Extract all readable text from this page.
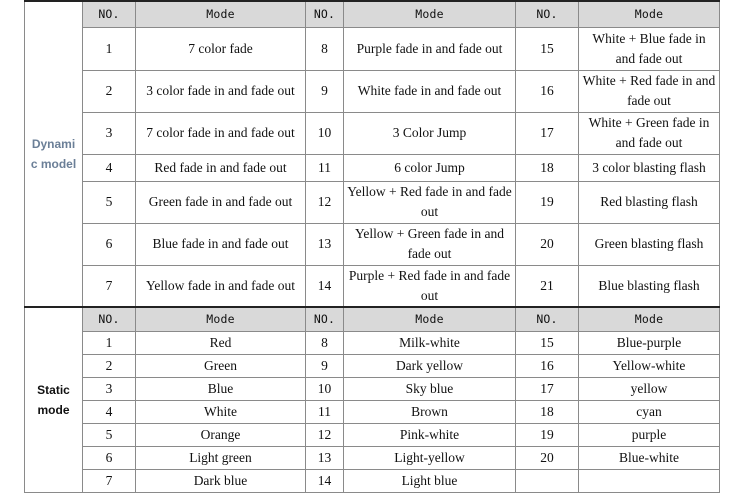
Dynamic model	NO.	Mode	NO.	Mode	NO.	Mode
	1	7 color fade	8	Purple fade in and fade out	15	White + Blue fade in and fade out
	2	3 color fade in and fade out	9	White fade in and fade out	16	White + Red fade in and fade out
	3	7 color fade in and fade out	10	3 Color Jump	17	White + Green fade in and fade out
	4	Red fade in and fade out	11	6 color Jump	18	3 color blasting flash
	5	Green fade in and fade out	12	Yellow + Red fade in and fade out	19	Red blasting flash
	6	Blue fade in and fade out	13	Yellow + Green fade in and fade out	20	Green blasting flash
	7	Yellow fade in and fade out	14	Purple + Red fade in and fade out	21	Blue blasting flash

Static mode	NO.	Mode	NO.	Mode	NO.	Mode
	1	Red	8	Milk-white	15	Blue-purple
	2	Green	9	Dark yellow	16	Yellow-white
	3	Blue	10	Sky blue	17	yellow
	4	White	11	Brown	18	cyan
	5	Orange	12	Pink-white	19	purple
	6	Light green	13	Light-yellow	20	Blue-white
	7	Dark blue	14	Light blue		
